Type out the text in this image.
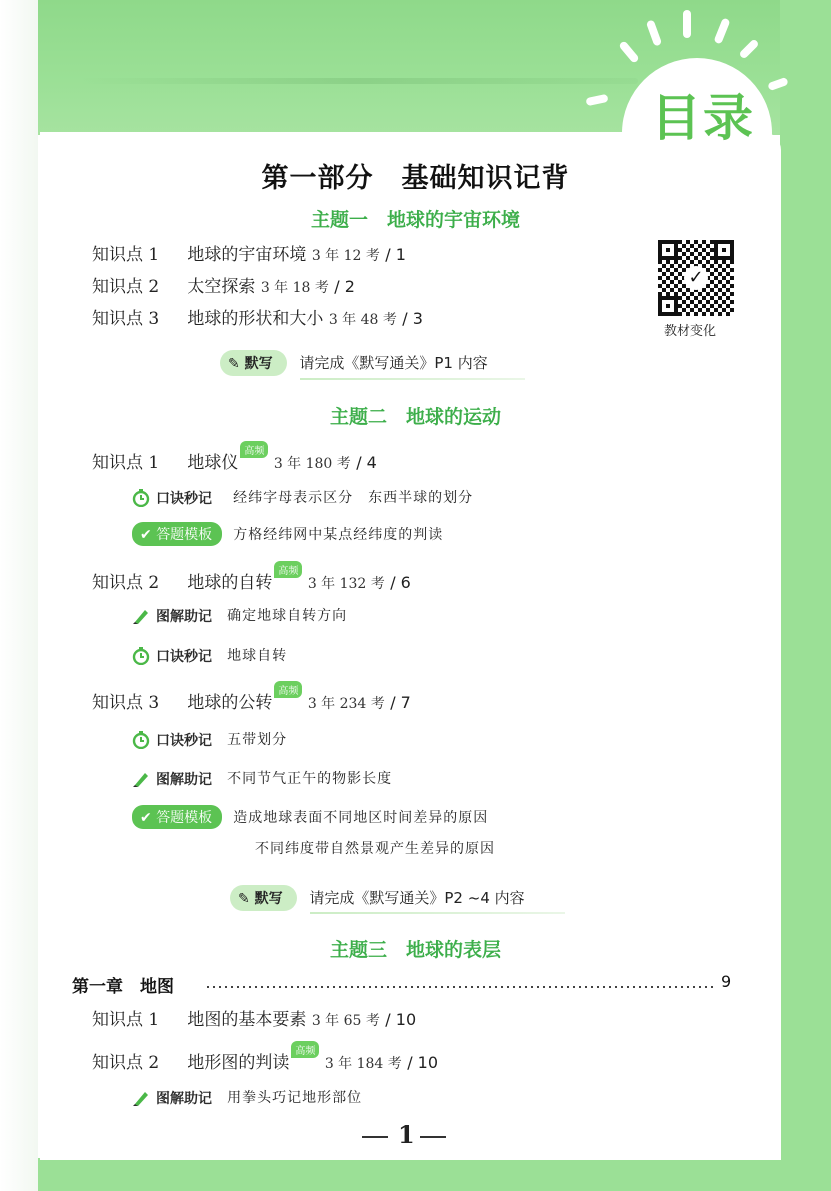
目录
第一部分　基础知识记背
主题一　地球的宇宙环境
知识点 1 地球的宇宙环境 3 年 12 考 / 1
知识点 2 太空探索 3 年 18 考 / 2
知识点 3 地球的形状和大小 3 年 48 考 / 3
✓
教材变化
✎ 默写 请完成《默写通关》P1 内容
主题二　地球的运动
知识点 1 地球仪高频 3 年 180 考 / 4
口诀秒记 经纬字母表示区分　东西半球的划分
✔ 答题模板 方格经纬网中某点经纬度的判读
知识点 2 地球的自转高频 3 年 132 考 / 6
图解助记 确定地球自转方向
口诀秒记 地球自转
知识点 3 地球的公转高频 3 年 234 考 / 7
口诀秒记 五带划分
图解助记 不同节气正午的物影长度
✔ 答题模板 造成地球表面不同地区时间差异的原因
不同纬度带自然景观产生差异的原因
✎ 默写 请完成《默写通关》P2 ~4 内容
主题三　地球的表层
第一章　地图	9
知识点 1 地图的基本要素 3 年 65 考 / 10
知识点 2 地形图的判读高频 3 年 184 考 / 10
图解助记 用拳头巧记地形部位
1
